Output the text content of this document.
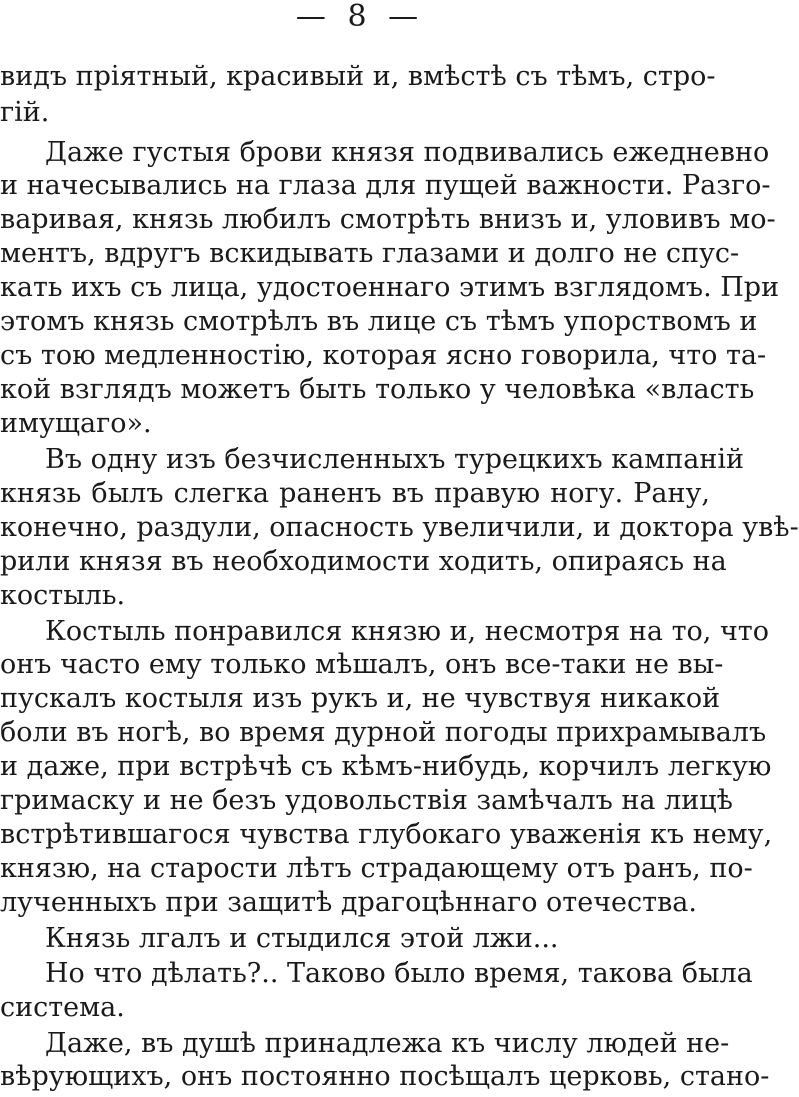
— 8 —
видъ пріятный, красивый и, вмѣстѣ съ тѣмъ, стро-
гій.
Даже густыя брови князя подвивались ежедневно
и начесывались на глаза для пущей важности. Разго-
варивая, князь любилъ смотрѣть внизъ и, уловивъ мо-
ментъ, вдругъ вскидывать глазами и долго не спус-
кать ихъ съ лица, удостоеннаго этимъ взглядомъ. При
этомъ князь смотрѣлъ въ лице съ тѣмъ упорствомъ и
съ тою медленностію, которая ясно говорила, что та-
кой взглядъ можетъ быть только у человѣка «власть
имущаго».
Въ одну изъ безчисленныхъ турецкихъ кампаній
князь былъ слегка раненъ въ правую ногу. Рану,
конечно, раздули, опасность увеличили, и доктора увѣ-
рили князя въ необходимости ходить, опираясь на
костыль.
Костыль понравился князю и, несмотря на то, что
онъ часто ему только мѣшалъ, онъ все-таки не вы-
пускалъ костыля изъ рукъ и, не чувствуя никакой
боли въ ногѣ, во время дурной погоды прихрамывалъ
и даже, при встрѣчѣ съ кѣмъ-нибудь, корчилъ легкую
гримаску и не безъ удовольствія замѣчалъ на лицѣ
встрѣтившагося чувства глубокаго уваженія къ нему,
князю, на старости лѣтъ страдающему отъ ранъ, по-
лученныхъ при защитѣ драгоцѣннаго отечества.
Князь лгалъ и стыдился этой лжи...
Но что дѣлать?.. Таково было время, такова была
система.
Даже, въ душѣ принадлежа къ числу людей не-
вѣрующихъ, онъ постоянно посѣщалъ церковь, стано-
